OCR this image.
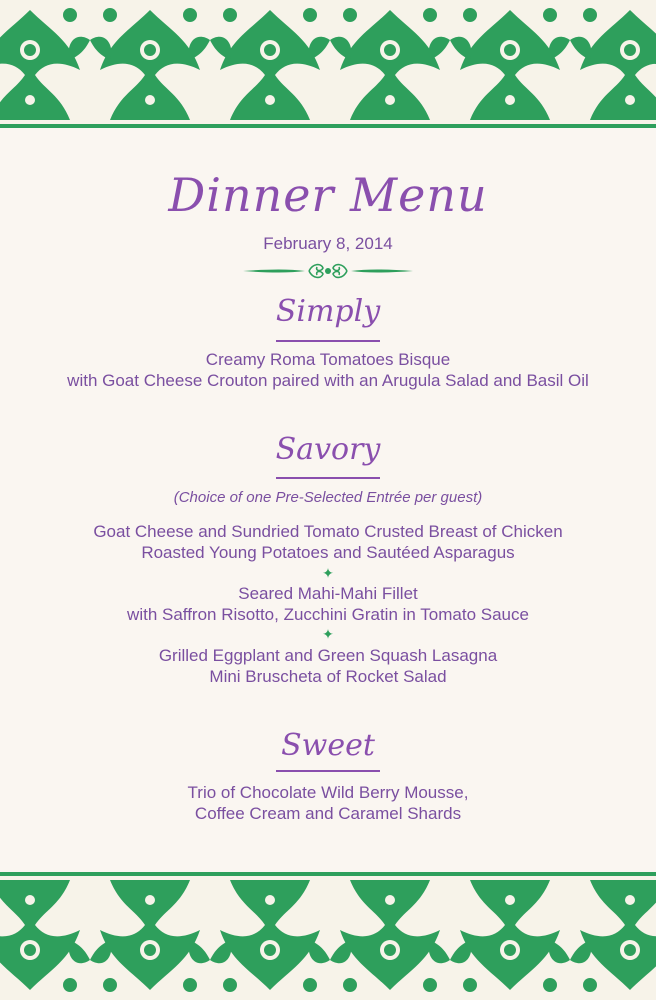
Dinner Menu
February 8, 2014
Simply
Creamy Roma Tomatoes Bisque
with Goat Cheese Crouton paired with an Arugula Salad and Basil Oil
Savory
(Choice of one Pre-Selected Entrée per guest)
Goat Cheese and Sundried Tomato Crusted Breast of Chicken
Roasted Young Potatoes and Sautéed Asparagus
✦
Seared Mahi-Mahi Fillet
with Saffron Risotto, Zucchini Gratin in Tomato Sauce
✦
Grilled Eggplant and Green Squash Lasagna
Mini Bruscheta of Rocket Salad
Sweet
Trio of Chocolate Wild Berry Mousse,
Coffee Cream and Caramel Shards
